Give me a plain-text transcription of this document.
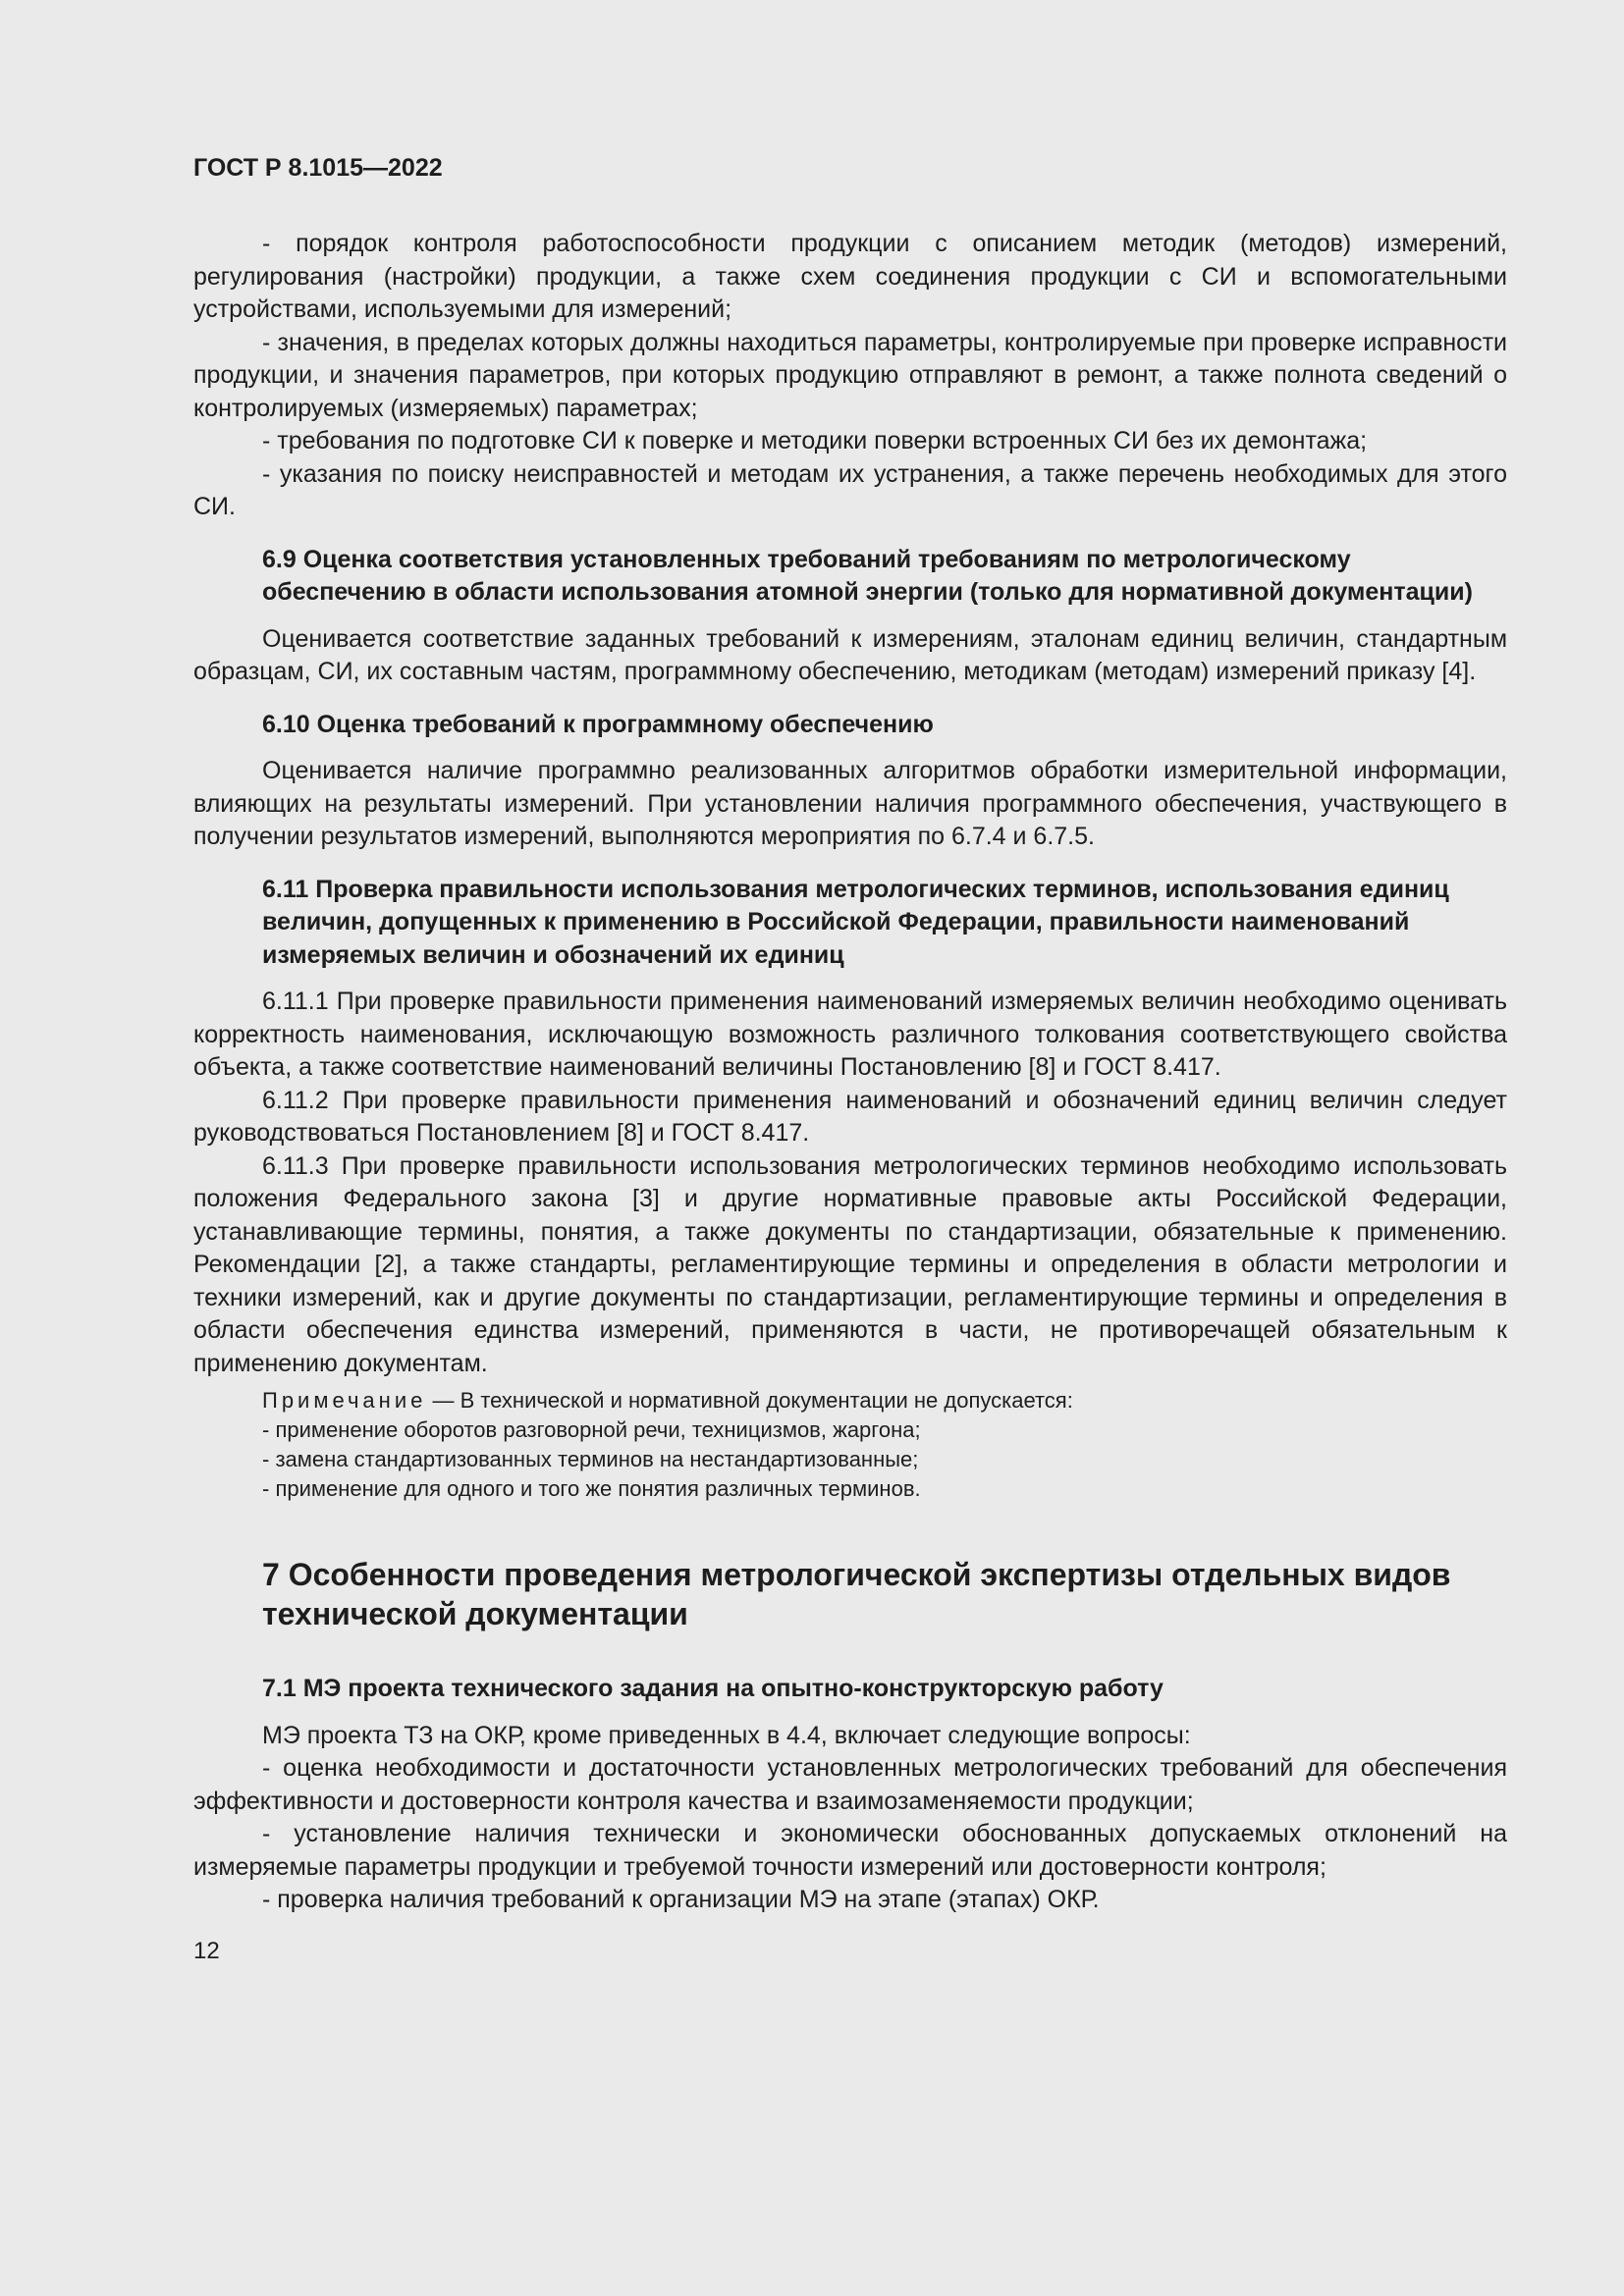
ГОСТ Р 8.1015—2022

- порядок контроля работоспособности продукции с описанием методик (методов) измерений, регулирования (настройки) продукции, а также схем соединения продукции с СИ и вспомогательными устройствами, используемыми для измерений;

- значения, в пределах которых должны находиться параметры, контролируемые при проверке исправности продукции, и значения параметров, при которых продукцию отправляют в ремонт, а также полнота сведений о контролируемых (измеряемых) параметрах;

- требования по подготовке СИ к поверке и методики поверки встроенных СИ без их демонтажа;

- указания по поиску неисправностей и методам их устранения, а также перечень необходимых для этого СИ.

6.9 Оценка соответствия установленных требований требованиям по метрологическому обеспечению в области использования атомной энергии (только для нормативной документации)

Оценивается соответствие заданных требований к измерениям, эталонам единиц величин, стандартным образцам, СИ, их составным частям, программному обеспечению, методикам (методам) измерений приказу [4].

6.10 Оценка требований к программному обеспечению

Оценивается наличие программно реализованных алгоритмов обработки измерительной информации, влияющих на результаты измерений. При установлении наличия программного обеспечения, участвующего в получении результатов измерений, выполняются мероприятия по 6.7.4 и 6.7.5.

6.11 Проверка правильности использования метрологических терминов, использования единиц величин, допущенных к применению в Российской Федерации, правильности наименований измеряемых величин и обозначений их единиц

6.11.1 При проверке правильности применения наименований измеряемых величин необходимо оценивать корректность наименования, исключающую возможность различного толкования соответствующего свойства объекта, а также соответствие наименований величины Постановлению [8] и ГОСТ 8.417.

6.11.2 При проверке правильности применения наименований и обозначений единиц величин следует руководствоваться Постановлением [8] и ГОСТ 8.417.

6.11.3 При проверке правильности использования метрологических терминов необходимо использовать положения Федерального закона [3] и другие нормативные правовые акты Российской Федерации, устанавливающие термины, понятия, а также документы по стандартизации, обязательные к применению. Рекомендации [2], а также стандарты, регламентирующие термины и определения в области метрологии и техники измерений, как и другие документы по стандартизации, регламентирующие термины и определения в области обеспечения единства измерений, применяются в части, не противоречащей обязательным к применению документам.

Примечание — В технической и нормативной документации не допускается:
- применение оборотов разговорной речи, техницизмов, жаргона;
- замена стандартизованных терминов на нестандартизованные;
- применение для одного и того же понятия различных терминов.
7 Особенности проведения метрологической экспертизы отдельных видов технической документации
7.1 МЭ проекта технического задания на опытно-конструкторскую работу

МЭ проекта ТЗ на ОКР, кроме приведенных в 4.4, включает следующие вопросы:

- оценка необходимости и достаточности установленных метрологических требований для обеспечения эффективности и достоверности контроля качества и взаимозаменяемости продукции;

- установление наличия технически и экономически обоснованных допускаемых отклонений на измеряемые параметры продукции и требуемой точности измерений или достоверности контроля;

- проверка наличия требований к организации МЭ на этапе (этапах) ОКР.

12
